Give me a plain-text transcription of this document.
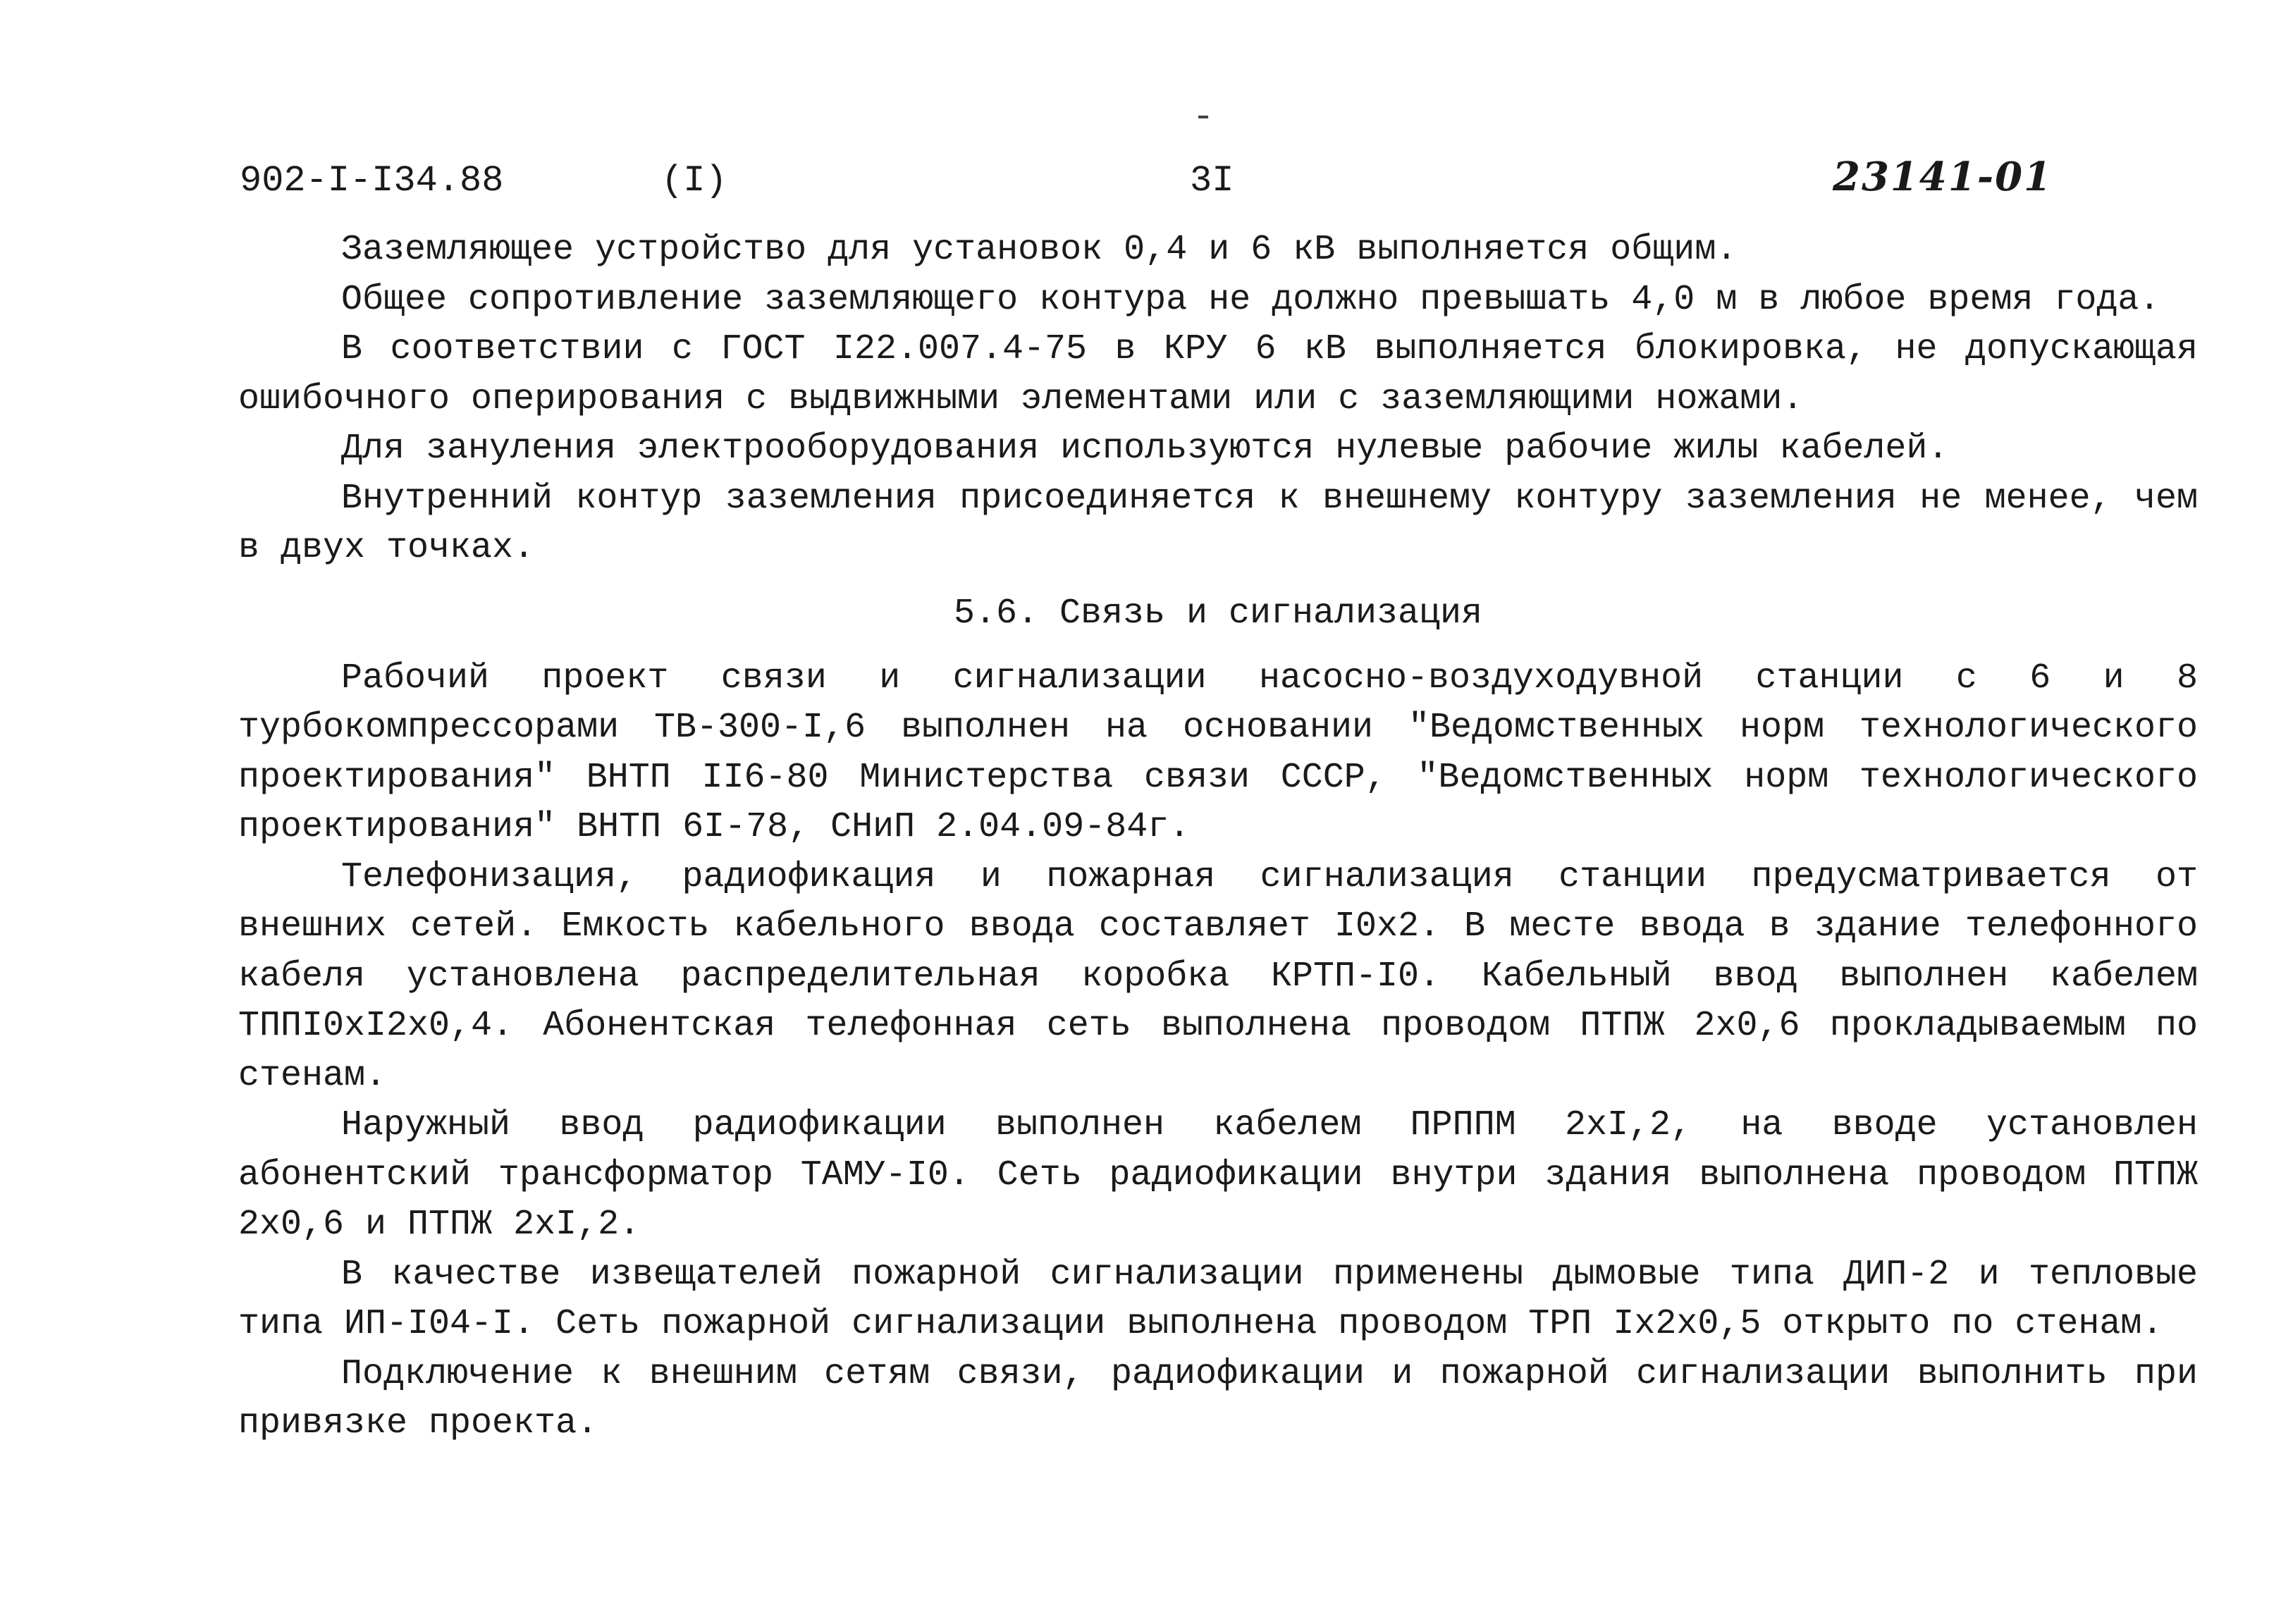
902-I-I34.88	(I)	3I	23141-01

Заземляющее устройство для установок 0,4 и 6 кВ выполняется общим.

Общее сопротивление заземляющего контура не должно превышать 4,0 м в любое время года.

В соответствии с ГОСТ I22.007.4-75 в КРУ 6 кВ выполняется блокировка, не допускающая ошибочного оперирования с выдвижными элементами или с заземляющими ножами.

Для зануления электрооборудования используются нулевые рабочие жилы кабелей.

Внутренний контур заземления присоединяется к внешнему контуру заземления не менее, чем в двух точках.

5.6. Связь и сигнализация

Рабочий проект связи и сигнализации насосно-воздуходувной станции с 6 и 8 турбокомпрессорами ТВ-300-I,6 выполнен на основании "Ведомственных норм технологического проектирования" ВНТП II6-80 Министерства связи СССР, "Ведомственных норм технологического проектирования" ВНТП 6I-78, СНиП 2.04.09-84г.

Телефонизация, радиофикация и пожарная сигнализация станции предусматривается от внешних сетей. Емкость кабельного ввода составляет I0х2. В месте ввода в здание телефонного кабеля установлена распределительная коробка КРТП-I0. Кабельный ввод выполнен кабелем ТППI0хI2х0,4. Абонентская телефонная сеть выполнена проводом ПТПЖ 2х0,6 прокладываемым по стенам.

Наружный ввод радиофикации выполнен кабелем ПРППМ 2хI,2, на вводе установлен абонентский трансформатор ТАМУ-I0. Сеть радиофикации внутри здания выполнена проводом ПТПЖ 2х0,6 и ПТПЖ 2хI,2.

В качестве извещателей пожарной сигнализации применены дымовые типа ДИП-2 и тепловые типа ИП-I04-I. Сеть пожарной сигнализации выполнена проводом ТРП Iх2х0,5 открыто по стенам.

Подключение к внешним сетям связи, радиофикации и пожарной сигнализации выполнить при привязке проекта.
